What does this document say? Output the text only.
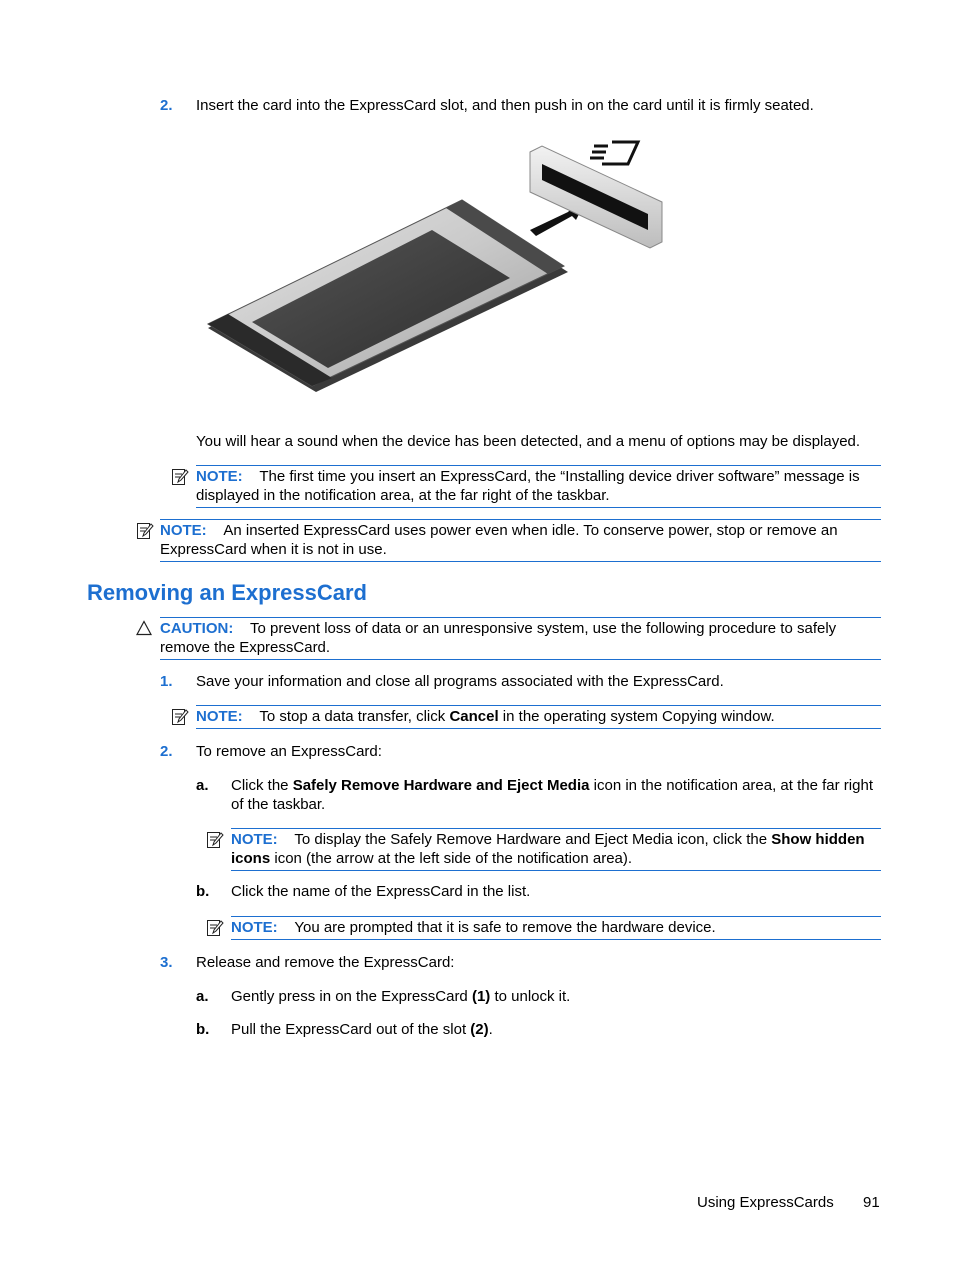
2. Insert the card into the ExpressCard slot, and then push in on the card until it is firmly seated.
You will hear a sound when the device has been detected, and a menu of options may be displayed.
NOTE: The first time you insert an ExpressCard, the “Installing device driver software” message is displayed in the notification area, at the far right of the taskbar.
NOTE: An inserted ExpressCard uses power even when idle. To conserve power, stop or remove an ExpressCard when it is not in use.
Removing an ExpressCard
CAUTION: To prevent loss of data or an unresponsive system, use the following procedure to safely remove the ExpressCard.
1. Save your information and close all programs associated with the ExpressCard.
NOTE: To stop a data transfer, click Cancel in the operating system Copying window.
2. To remove an ExpressCard:
a. Click the Safely Remove Hardware and Eject Media icon in the notification area, at the far right of the taskbar.
NOTE: To display the Safely Remove Hardware and Eject Media icon, click the Show hidden icons icon (the arrow at the left side of the notification area).
b. Click the name of the ExpressCard in the list.
NOTE: You are prompted that it is safe to remove the hardware device.
3. Release and remove the ExpressCard:
a. Gently press in on the ExpressCard (1) to unlock it.
b. Pull the ExpressCard out of the slot (2).
Using ExpressCards 91
